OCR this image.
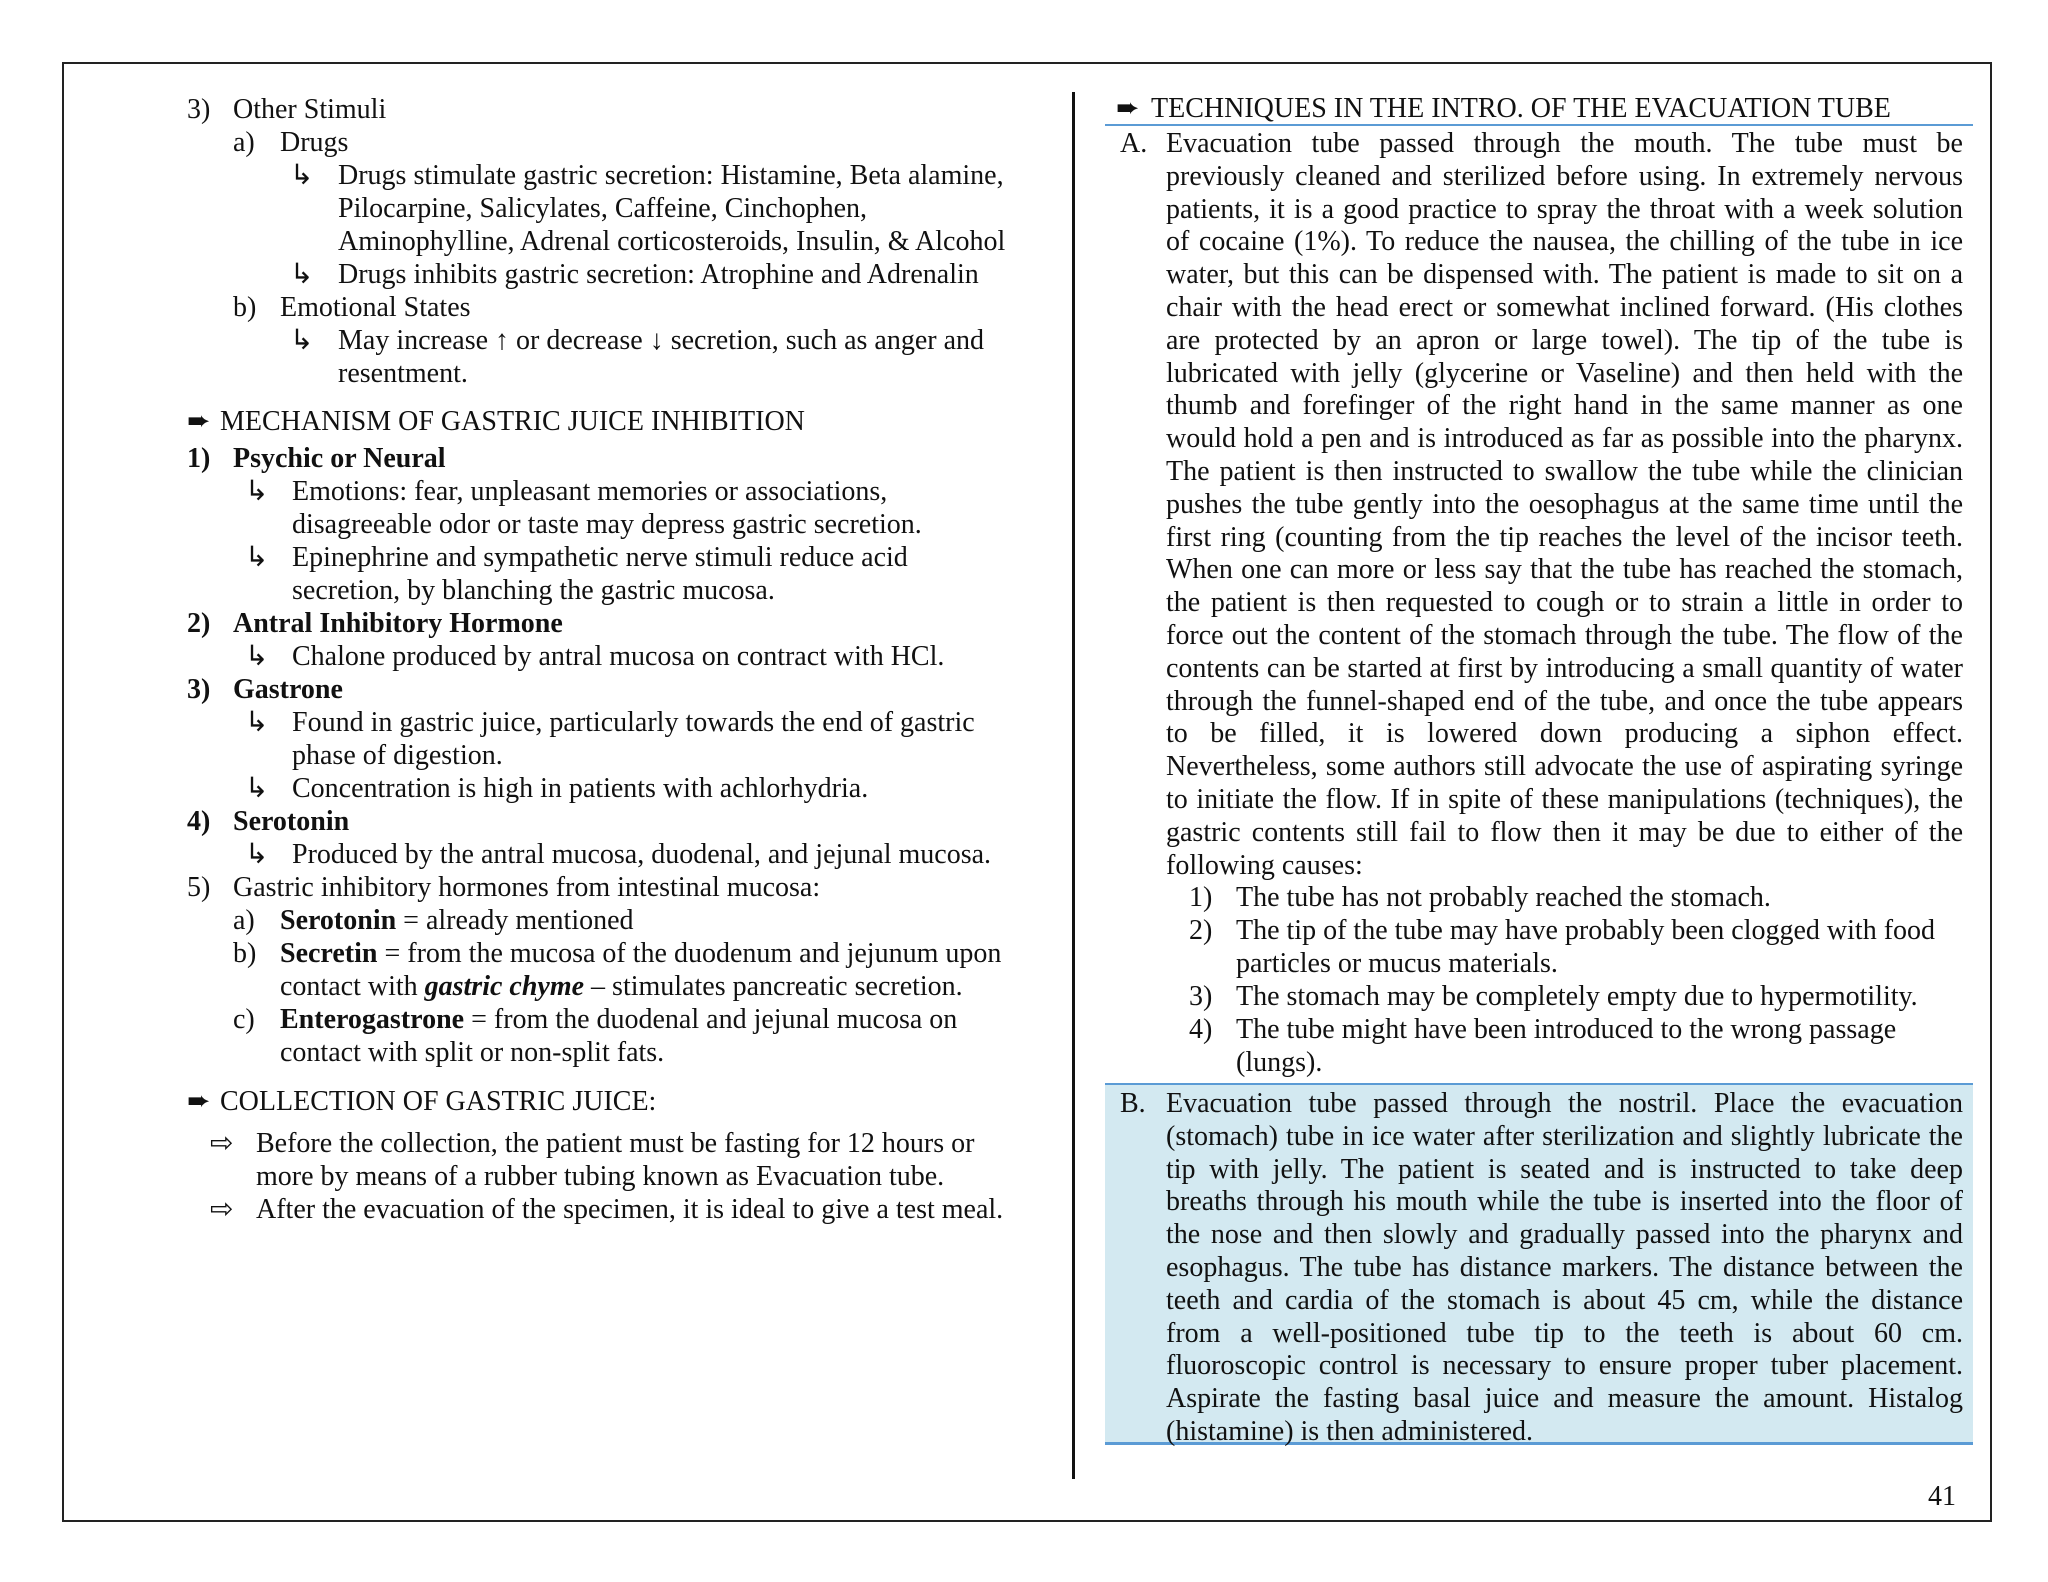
3) Other Stimuli
a) Drugs
↳ Drugs stimulate gastric secretion: Histamine, Beta alamine,
Pilocarpine, Salicylates, Caffeine, Cinchophen,
Aminophylline, Adrenal corticosteroids, Insulin, & Alcohol
↳ Drugs inhibits gastric secretion: Atrophine and Adrenalin
b) Emotional States
↳ May increase ↑ or decrease ↓ secretion, such as anger and
resentment.
➨ MECHANISM OF GASTRIC JUICE INHIBITION
1) Psychic or Neural
↳ Emotions: fear, unpleasant memories or associations,
disagreeable odor or taste may depress gastric secretion.
↳ Epinephrine and sympathetic nerve stimuli reduce acid
secretion, by blanching the gastric mucosa.
2) Antral Inhibitory Hormone
↳ Chalone produced by antral mucosa on contract with HCl.
3) Gastrone
↳ Found in gastric juice, particularly towards the end of gastric
phase of digestion.
↳ Concentration is high in patients with achlorhydria.
4) Serotonin
↳ Produced by the antral mucosa, duodenal, and jejunal mucosa.
5) Gastric inhibitory hormones from intestinal mucosa:
a) Serotonin = already mentioned
b) Secretin = from the mucosa of the duodenum and jejunum upon
contact with gastric chyme – stimulates pancreatic secretion.
c) Enterogastrone = from the duodenal and jejunal mucosa on
contact with split or non-split fats.
➨ COLLECTION OF GASTRIC JUICE:
⇨ Before the collection, the patient must be fasting for 12 hours or
more by means of a rubber tubing known as Evacuation tube.
⇨ After the evacuation of the specimen, it is ideal to give a test meal.
➨ TECHNIQUES IN THE INTRO. OF THE EVACUATION TUBE
A. Evacuation tube passed through the mouth. The tube must be previously cleaned and sterilized before using. In extremely nervous patients, it is a good practice to spray the throat with a week solution of cocaine (1%). To reduce the nausea, the chilling of the tube in ice water, but this can be dispensed with. The patient is made to sit on a chair with the head erect or somewhat inclined forward. (His clothes are protected by an apron or large towel). The tip of the tube is lubricated with jelly (glycerine or Vaseline) and then held with the thumb and forefinger of the right hand in the same manner as one would hold a pen and is introduced as far as possible into the pharynx. The patient is then instructed to swallow the tube while the clinician pushes the tube gently into the oesophagus at the same time until the first ring (counting from the tip reaches the level of the incisor teeth. When one can more or less say that the tube has reached the stomach, the patient is then requested to cough or to strain a little in order to force out the content of the stomach through the tube. The flow of the contents can be started at first by introducing a small quantity of water through the funnel-shaped end of the tube, and once the tube appears to be filled, it is lowered down producing a siphon effect. Nevertheless, some authors still advocate the use of aspirating syringe to initiate the flow. If in spite of these manipulations (techniques), the gastric contents still fail to flow then it may be due to either of the following causes:
1) The tube has not probably reached the stomach.
2) The tip of the tube may have probably been clogged with food
particles or mucus materials.
3) The stomach may be completely empty due to hypermotility.
4) The tube might have been introduced to the wrong passage
(lungs).
B. Evacuation tube passed through the nostril. Place the evacuation (stomach) tube in ice water after sterilization and slightly lubricate the tip with jelly. The patient is seated and is instructed to take deep breaths through his mouth while the tube is inserted into the floor of the nose and then slowly and gradually passed into the pharynx and esophagus. The tube has distance markers. The distance between the teeth and cardia of the stomach is about 45 cm, while the distance from a well-positioned tube tip to the teeth is about 60 cm. fluoroscopic control is necessary to ensure proper tuber placement. Aspirate the fasting basal juice and measure the amount. Histalog (histamine) is then administered.
41
